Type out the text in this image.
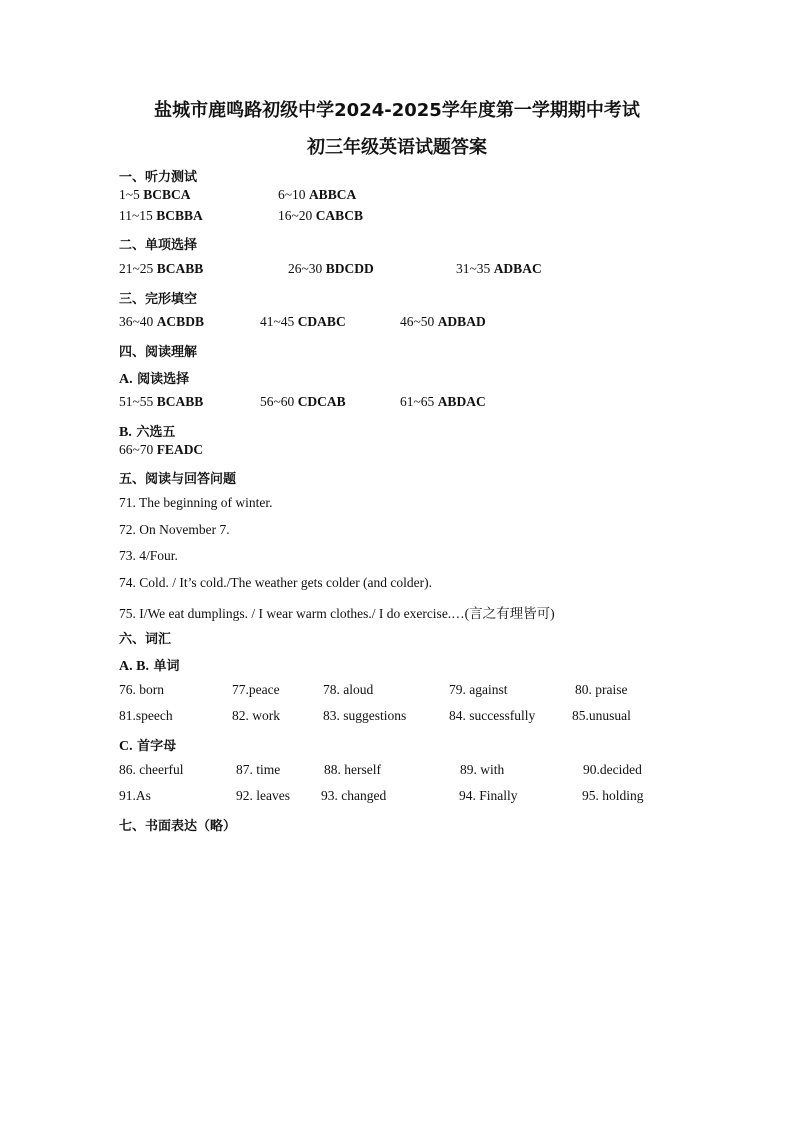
盐城市鹿鸣路初级中学2024-2025学年度第一学期期中考试
初三年级英语试题答案
一、听力测试
1~5 BCBCA	6~10 ABBCA
11~15 BCBBA	16~20 CABCB
二、单项选择
21~25 BCABB	26~30 BDCDD	31~35 ADBAC
三、完形填空
36~40 ACBDB	41~45 CDABC	46~50 ADBAD
四、阅读理解
A. 阅读选择
51~55 BCABB	56~60 CDCAB	61~65 ABDAC
B. 六选五
66~70 FEADC
五、阅读与回答问题
71. The beginning of winter.
72. On November 7.
73. 4/Four.
74. Cold. / It’s cold./The weather gets colder (and colder).
75. I/We eat dumplings. / I wear warm clothes./ I do exercise.…(言之有理皆可)
六、词汇
A. B. 单词
76. born	77.peace	78. aloud	79. against	80. praise
81.speech	82. work	83. suggestions	84. successfully	85.unusual
C. 首字母
86. cheerful	87. time	88. herself	89. with	90.decided
91.As	92. leaves 93. changed	94. Finally	95. holding
七、书面表达（略）
